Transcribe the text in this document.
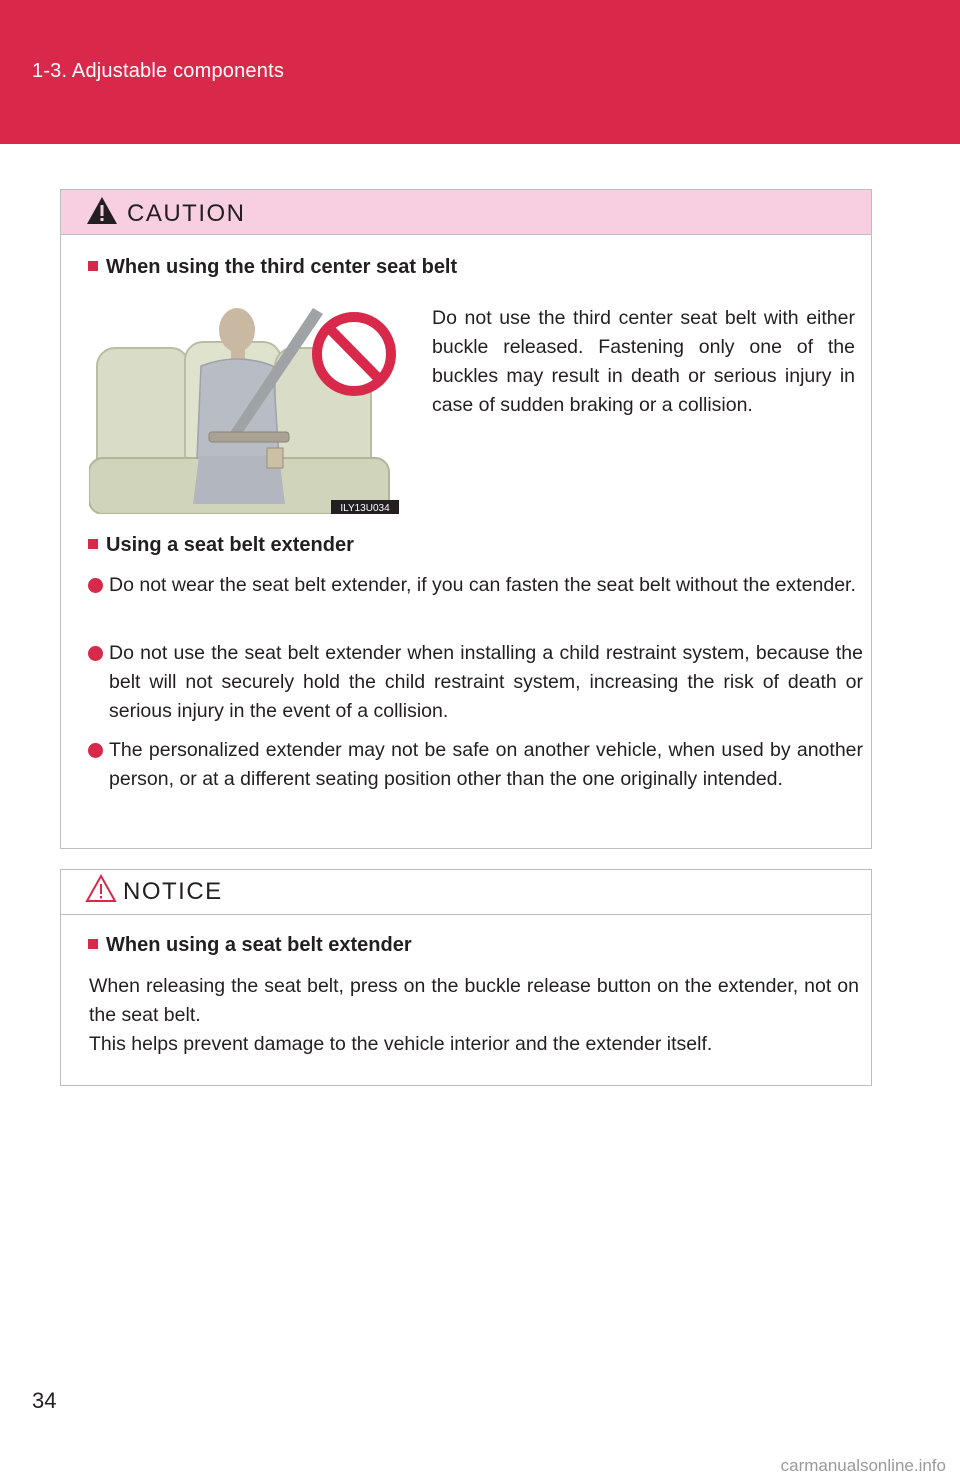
1-3. Adjustable components
CAUTION
When using the third center seat belt
ILY13U034
Do not use the third center seat belt with either buckle released. Fastening only one of the buckles may result in death or serious injury in case of sudden braking or a collision.
Using a seat belt extender
Do not wear the seat belt extender, if you can fasten the seat belt without the extender.
Do not use the seat belt extender when installing a child restraint system, because the belt will not securely hold the child restraint system, increasing the risk of death or serious injury in the event of a collision.
The personalized extender may not be safe on another vehicle, when used by another person, or at a different seating position other than the one originally intended.
NOTICE
When using a seat belt extender
When releasing the seat belt, press on the buckle release button on the extender, not on the seat belt.
This helps prevent damage to the vehicle interior and the extender itself.
34
carmanualsonline.info
